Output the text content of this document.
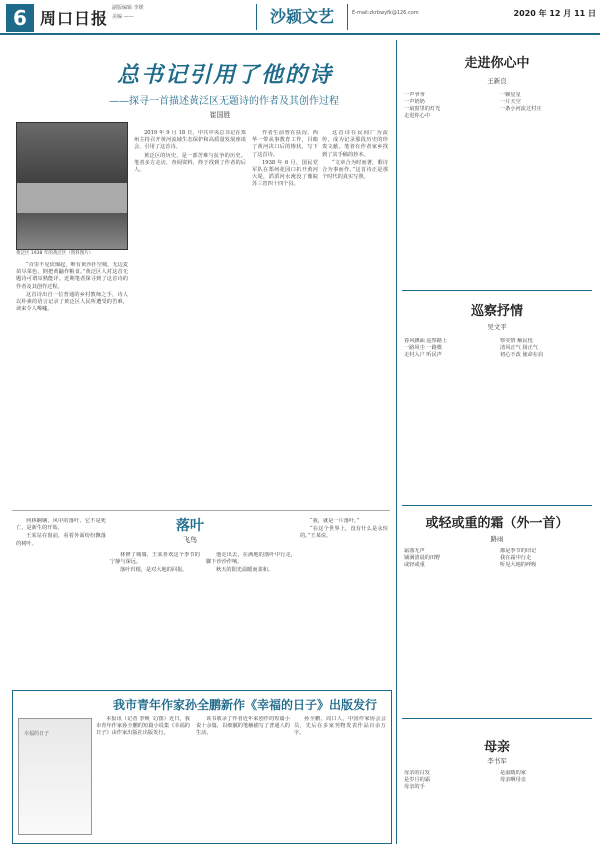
6 周口日报
副版编辑 李媛
美编 ——	沙颍文艺	E-mail:zkrbwyfk@126.com	2020 年 12 月 11 日
总书记引用了他的诗
——探寻一首描述黄泛区无题诗的作者及其创作过程
崔国胜
黄泛区 1938 年的黄泛区（资料图片）

“百里不见炊烟起，唯有黄沙扑空城，无边麦苗尽菜色，倒把黄鼬作粮食。”黄泛区人对这首无题诗可谓耳熟能详。近期笔者探寻到了这首诗的作者及其创作过程。

这首诗出自一位普通的乡村教师之手，诗人以朴素的语言记录了黄泛区人民所遭受的苦难，读来令人唏嘘。

2019 年 9 月 18 日，中共中央总书记在郑州主持召开黄河流域生态保护和高质量发展座谈会，引用了这首诗。

黄泛区的历史，是一部苦难与抗争的历史。笔者多方走访，查阅资料，终于找到了作者的后人。

作者生前曾在扶沟、西华一带从事教育工作，目睹了黄河决口后的惨状，写下了这首诗。

1938 年 6 月，国民党军队在郑州花园口扒开黄河大堤，滔滔河水淹没了豫皖苏三省四十四个县。

这首诗在民间广为流传，成为记录那段历史的珍贵文献。笔者在作者家乡找到了其手稿的抄本。

“文章合为时而著，歌诗合为事而作。”这首诗正是那个时代的真实写照。

落叶
飞鸟

何林娴娴，风中的落叶，它不是死亡，是新生的开始。

王某站在窗前，看着外面纷纷飘落的树叶。

林修了城墙，王某喜欢这个季节的宁静与深远。

落叶归根，是对大地的回报。

他走出去，在满地的落叶中行走，脚下沙沙作响。

秋天的阳光温暖而柔和。

“我，就是一片落叶。”

“在这个世界上，没有什么是永恒的。”王某说。

我市青年作家孙全鹏新作《幸福的日子》出版发行
幸福的日子

本报讯（记者 李焕 文/图）近日，我市青年作家孙全鹏的短篇小说集《幸福的日子》由作家出版社出版发行。

该书收录了作者近年来创作的短篇小说十余篇，以细腻的笔触描写了普通人的生活。

孙全鹏，周口人，中国作家协会会员，先后在多家刊物发表作品百余万字。

走进你心中
王新良
一声爷爷
一声奶奶
一扇窗里的灯光
走进你心中
一颗星星
一片天空
一条小河流过村庄
巡察抒情
吴文平
春风拂面 巡察路上
一路风尘 一路歌
走村入户 听民声
察实情 解民忧
清风正气 扬正气
初心不改 使命在肩
或轻或重的霜（外一首）
路雨
霜落无声
铺满清晨的田野
或轻或重
都是季节的印记
我在霜中行走
听见大地的呼吸
母亲
李书军
母亲的白发
是岁月的霜
母亲的手
是温暖的家
母亲啊母亲
